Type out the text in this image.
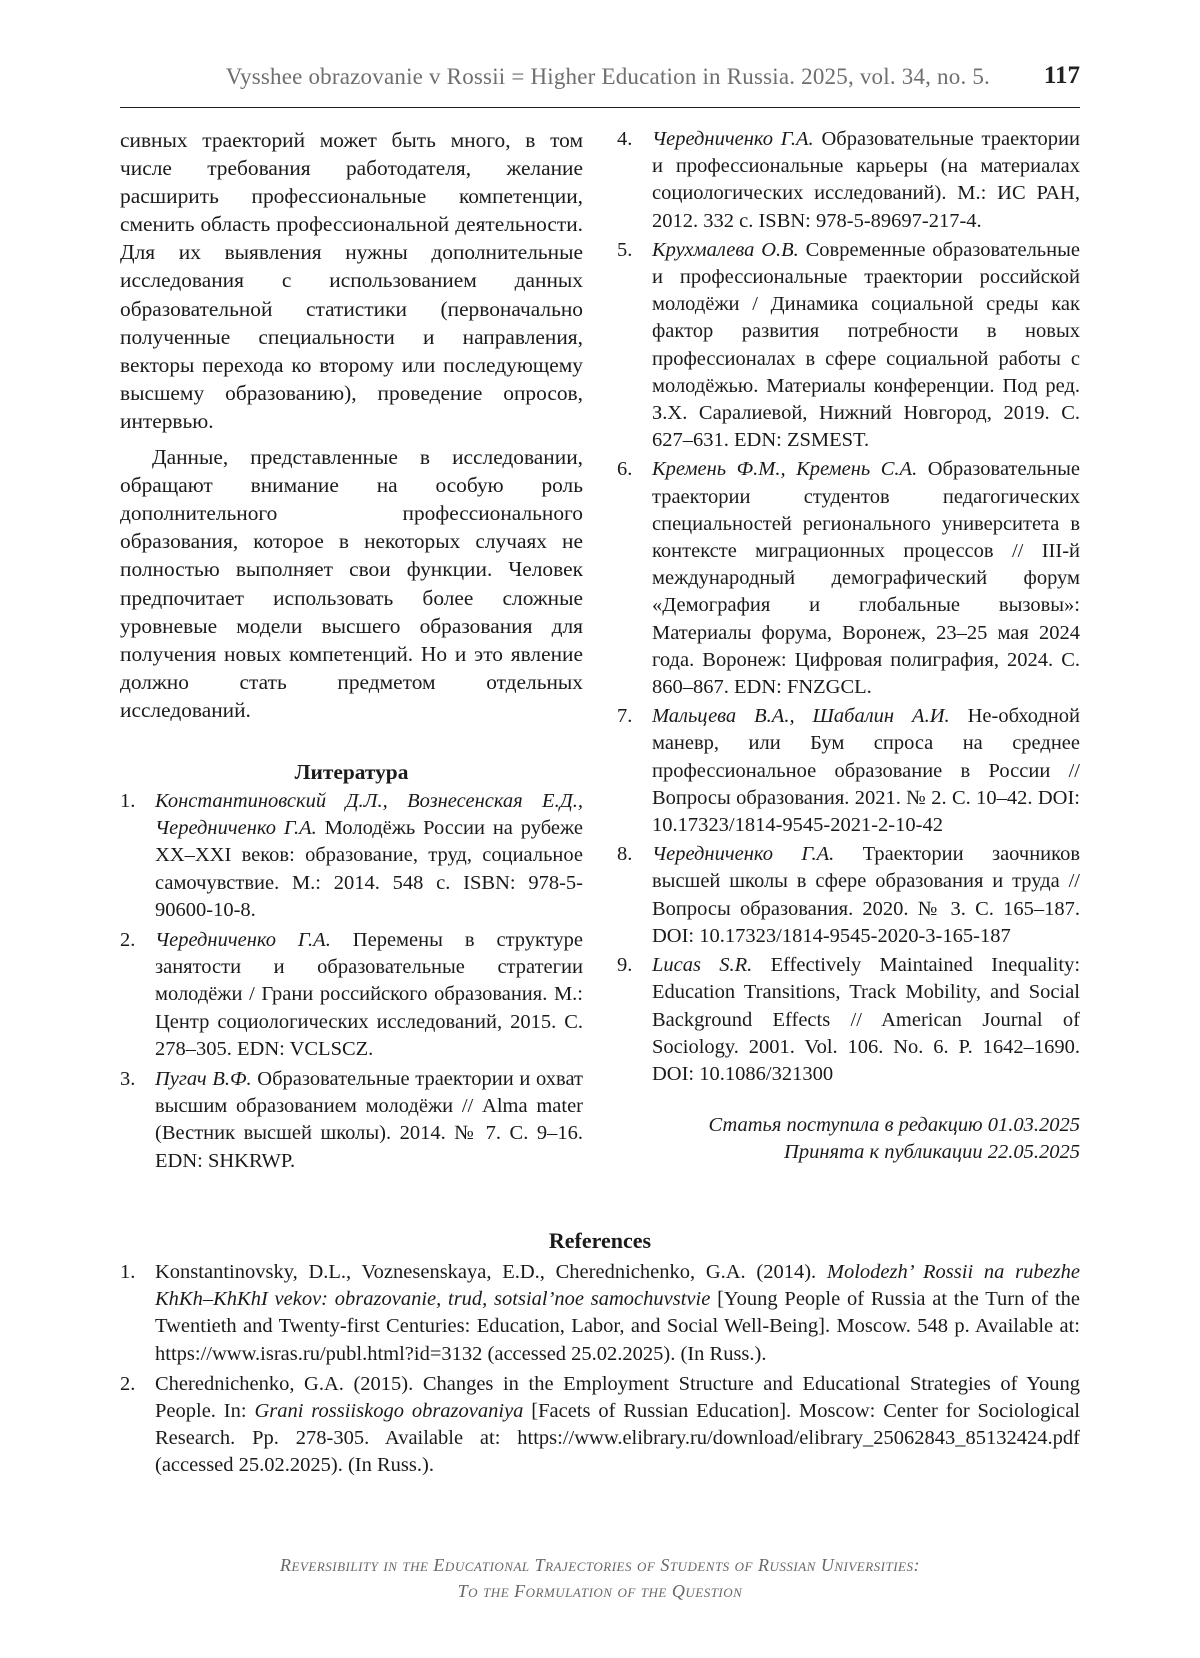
Vysshee obrazovanie v Rossii = Higher Education in Russia. 2025, vol. 34, no. 5. 117

сивных траекторий может быть много, в том числе требования работодателя, желание расширить профессиональные компетенции, сменить область профессиональной деятельности. Для их выявления нужны дополнительные исследования с использованием данных образовательной статистики (первоначально полученные специальности и направления, векторы перехода ко второму или последующему высшему образованию), проведение опросов, интервью.

Данные, представленные в исследовании, обращают внимание на особую роль дополнительного профессионального образования, которое в некоторых случаях не полностью выполняет свои функции. Человек предпочитает использовать более сложные уровневые модели высшего образования для получения новых компетенций. Но и это явление должно стать предметом отдельных исследований.

Литература
1. Константиновский Д.Л., Вознесенская Е.Д., Чередниченко Г.А. Молодёжь России на рубеже XX–XXI веков: образование, труд, социальное самочувствие. М.: 2014. 548 с. ISBN: 978-5-90600-10-8.
2. Чередниченко Г.А. Перемены в структуре занятости и образовательные стратегии молодёжи / Грани российского образования. М.: Центр социологических исследований, 2015. С. 278–305. EDN: VCLSCZ.
3. Пугач В.Ф. Образовательные траектории и охват высшим образованием молодёжи // Alma mater (Вестник высшей школы). 2014. № 7. С. 9–16. EDN: SHKRWP.
4. Чередниченко Г.А. Образовательные траектории и профессиональные карьеры (на материалах социологических исследований). М.: ИС РАН, 2012. 332 с. ISBN: 978-5-89697-217-4.
5. Крухмалева О.В. Современные образовательные и профессиональные траектории российской молодёжи / Динамика социальной среды как фактор развития потребности в новых профессионалах в сфере социальной работы с молодёжью. Материалы конференции. Под ред. З.Х. Саралиевой, Нижний Новгород, 2019. С. 627–631. EDN: ZSMEST.
6. Кремень Ф.М., Кремень С.А. Образовательные траектории студентов педагогических специальностей регионального университета в контексте миграционных процессов // III-й международный демографический форум «Демография и глобальные вызовы»: Материалы форума, Воронеж, 23–25 мая 2024 года. Воронеж: Цифровая полиграфия, 2024. С. 860–867. EDN: FNZGCL.
7. Мальцева В.А., Шабалин А.И. Не-обходной маневр, или Бум спроса на среднее профессиональное образование в России // Вопросы образования. 2021. № 2. С. 10–42. DOI: 10.17323/1814-9545-2021-2-10-42
8. Чередниченко Г.А. Траектории заочников высшей школы в сфере образования и труда // Вопросы образования. 2020. № 3. С. 165–187. DOI: 10.17323/1814-9545-2020-3-165-187
9. Lucas S.R. Effectively Maintained Inequality: Education Transitions, Track Mobility, and Social Background Effects // American Journal of Sociology. 2001. Vol. 106. No. 6. P. 1642–1690. DOI: 10.1086/321300
Статья поступила в редакцию 01.03.2025
Принята к публикации 22.05.2025
References
1. Konstantinovsky, D.L., Voznesenskaya, E.D., Cherednichenko, G.A. (2014). Molodezh’ Rossii na rubezhe KhKh–KhKhI vekov: obrazovanie, trud, sotsial’noe samochuvstvie [Young People of Russia at the Turn of the Twentieth and Twenty-first Centuries: Education, Labor, and Social Well-Being]. Moscow. 548 p. Available at: https://www.isras.ru/publ.html?id=3132 (accessed 25.02.2025). (In Russ.).
2. Cherednichenko, G.A. (2015). Changes in the Employment Structure and Educational Strategies of Young People. In: Grani rossiiskogo obrazovaniya [Facets of Russian Education]. Moscow: Center for Sociological Research. Pp. 278-305. Available at: https://www.elibrary.ru/download/elibrary_25062843_85132424.pdf (accessed 25.02.2025). (In Russ.).
Reversibility in the Educational Trajectories of Students of Russian Universities:
To the Formulation of the Question
